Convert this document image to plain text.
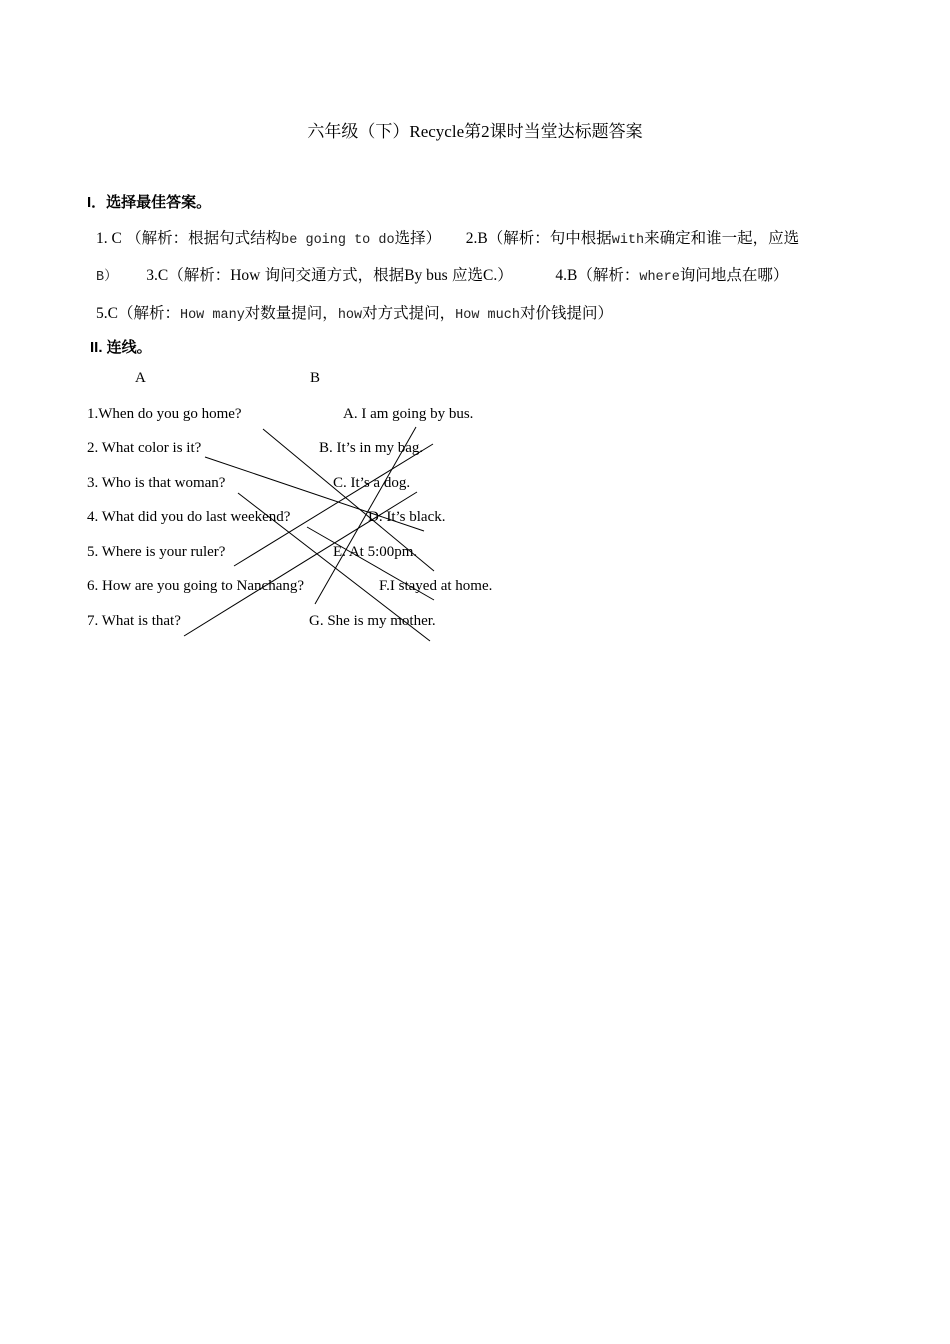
六年级（下）Recycle第2课时当堂达标题答案
I．选择最佳答案。
1. C （解析：根据句式结构be going to do选择） 2.B（解析：句中根据with来确定和谁一起，应选
B） 3.C（解析：How 询问交通方式，根据By bus 应选C.）	4.B（解析：where询问地点在哪）
5.C（解析：How many对数量提问，how对方式提问，How much对价钱提问）
II. 连线。
A	B
1.When do you go home?
2. What color is it?
3. Who is that woman?
4. What did you do last weekend?
5. Where is your ruler?
6. How are you going to Nanchang?
7. What is that?
A. I am going by bus.
B. It’s in my bag.
C. It’s a dog.
D. It’s black.
E. At 5:00pm.
F.I stayed at home.
G. She is my mother.
